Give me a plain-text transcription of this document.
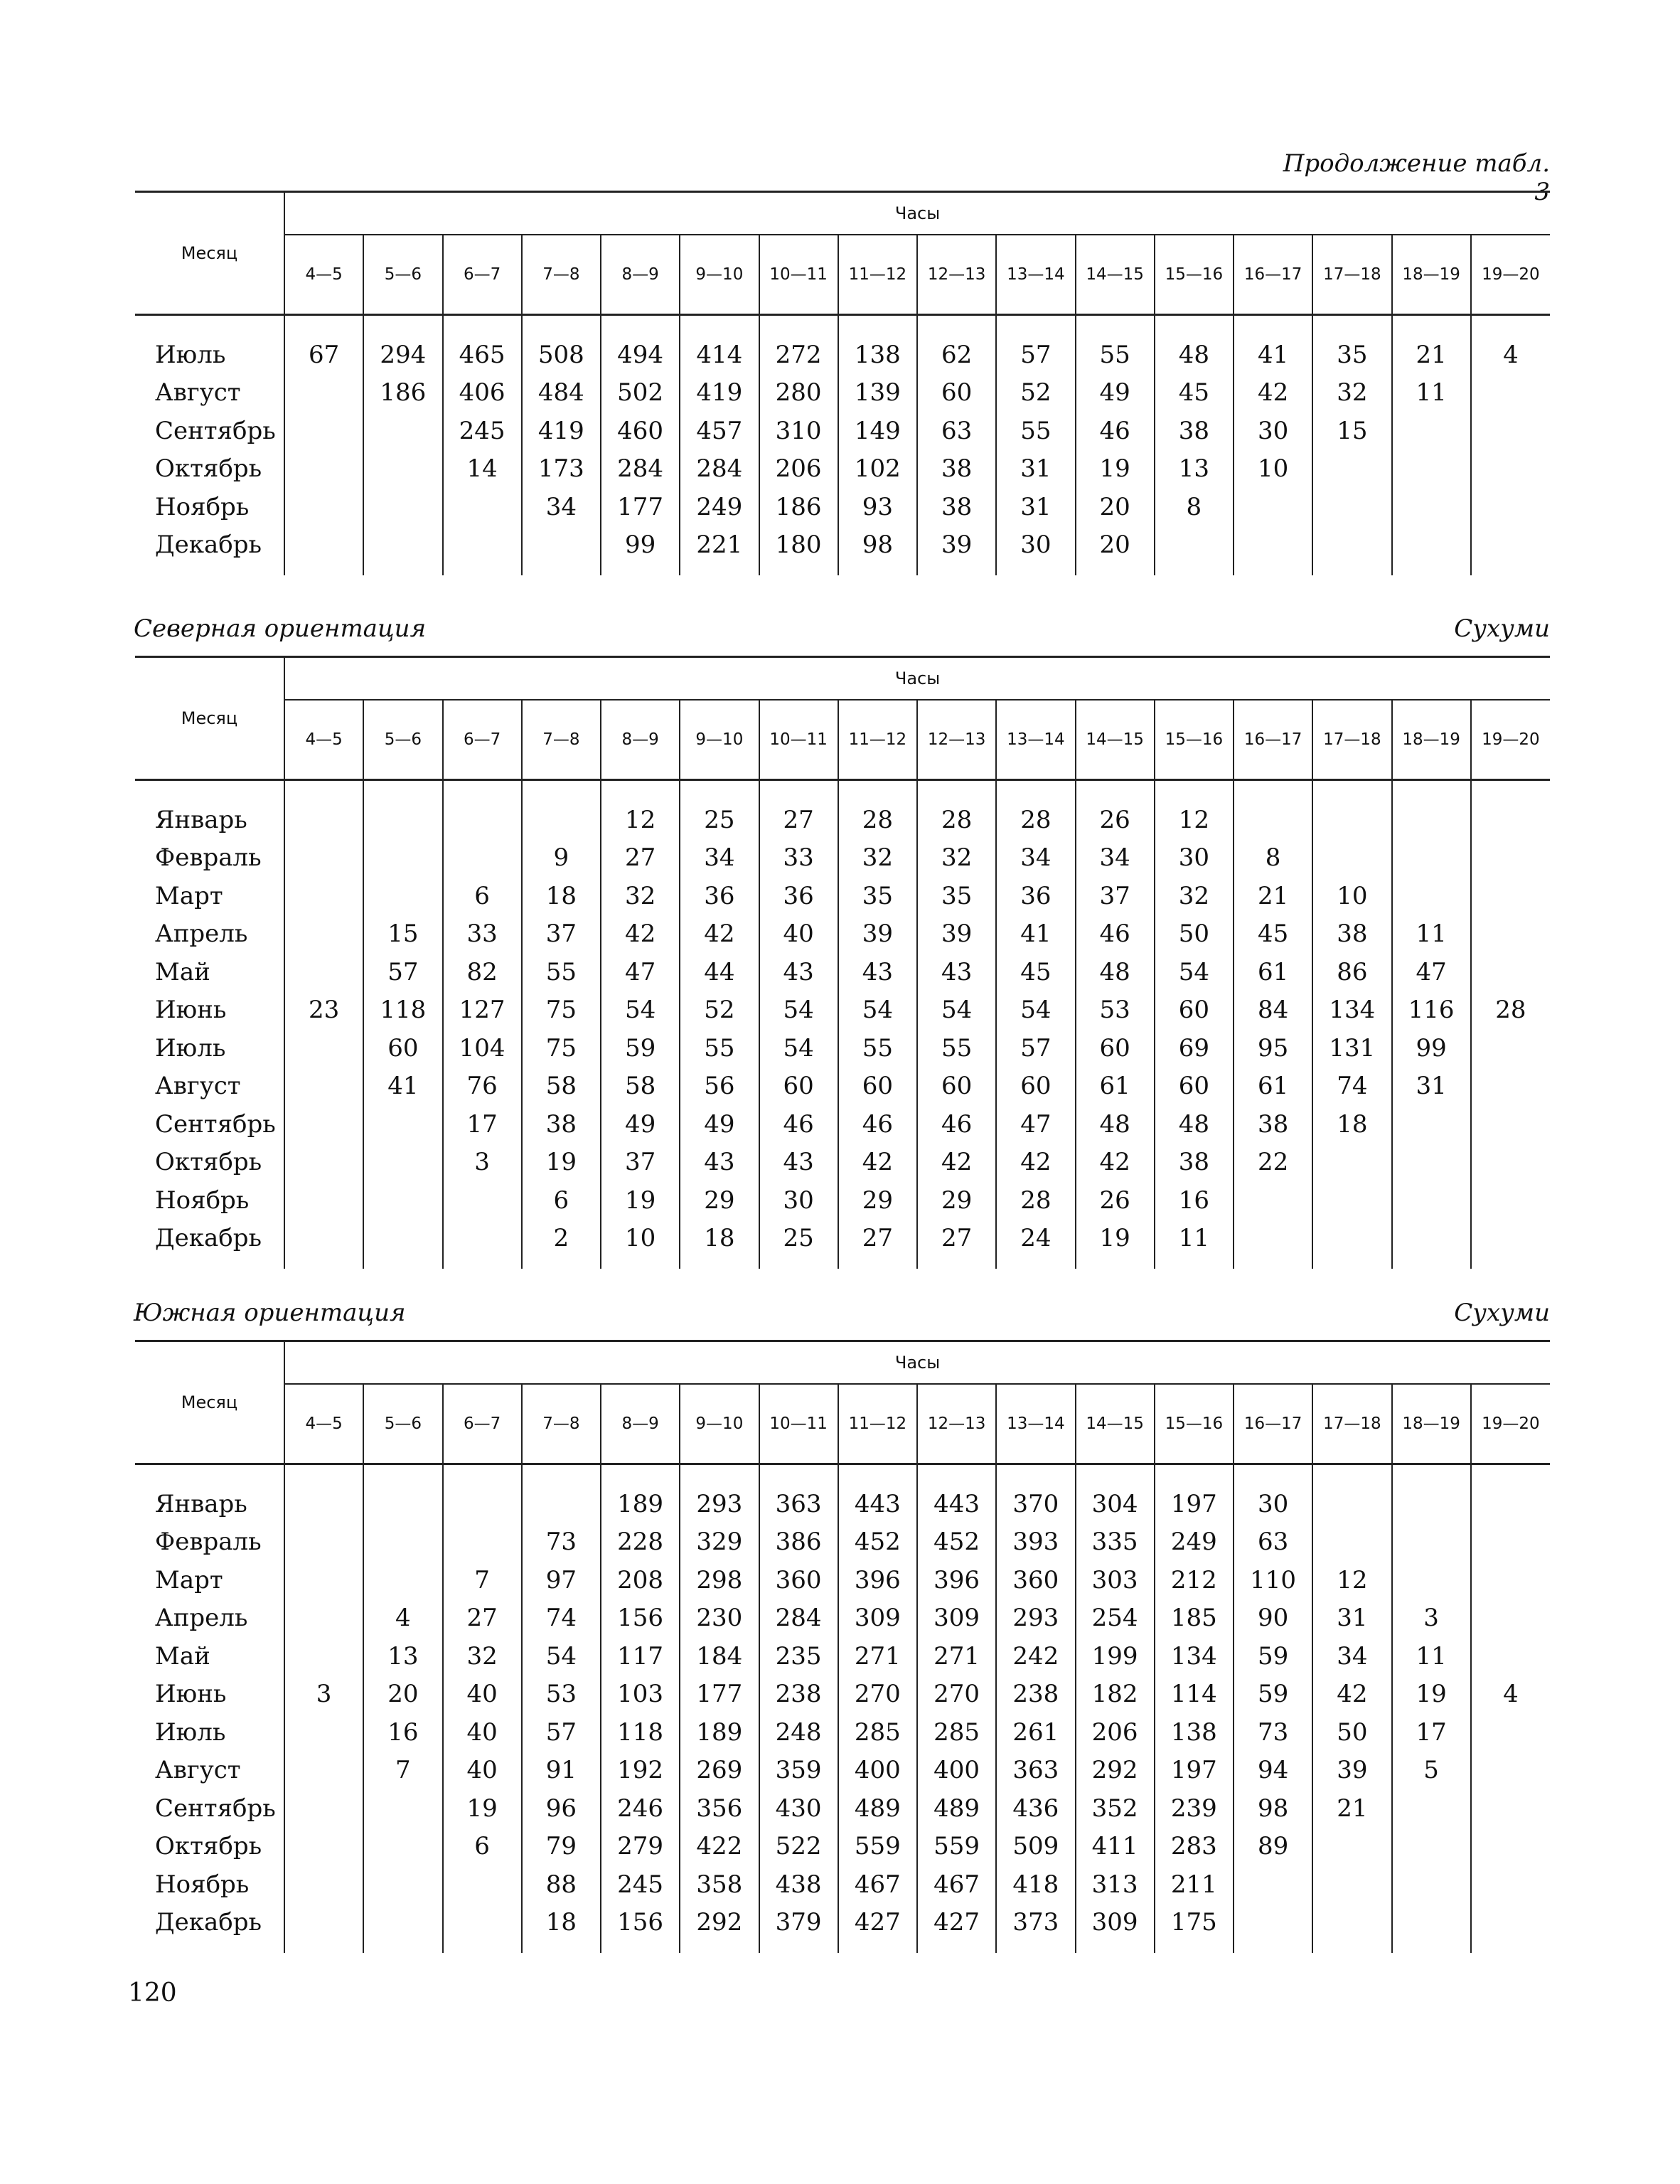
Продолжение табл.
Месяц	Часы															
	4—5	5—6	6—7	7—8	8—9	9—10	10—11	11—12	12—13	13—14	14—15	15—16	16—17	17—18	18—19	19—20

Июль	67	294	465	508	494	414	272	138	62	57	55	48	41	35	21	4
Август		186	406	484	502	419	280	139	60	52	49	45	42	32	11	
Сентябрь			245	419	460	457	310	149	63	55	46	38	30	15		
Октябрь			14	173	284	284	206	102	38	31	19	13	10			
Ноябрь				34	177	249	186	93	38	31	20	8				
Декабрь					99	221	180	98	39	30	20					

Северная ориентация	Сухуми
Месяц	Часы															
	4—5	5—6	6—7	7—8	8—9	9—10	10—11	11—12	12—13	13—14	14—15	15—16	16—17	17—18	18—19	19—20

Январь					12	25	27	28	28	28	26	12				
Февраль				9	27	34	33	32	32	34	34	30	8			
Март			6	18	32	36	36	35	35	36	37	32	21	10		
Апрель		15	33	37	42	42	40	39	39	41	46	50	45	38	11	
Май		57	82	55	47	44	43	43	43	45	48	54	61	86	47	
Июнь	23	118	127	75	54	52	54	54	54	54	53	60	84	134	116	28
Июль		60	104	75	59	55	54	55	55	57	60	69	95	131	99	
Август		41	76	58	58	56	60	60	60	60	61	60	61	74	31	
Сентябрь			17	38	49	49	46	46	46	47	48	48	38	18		
Октябрь			3	19	37	43	43	42	42	42	42	38	22			
Ноябрь				6	19	29	30	29	29	28	26	16				
Декабрь				2	10	18	25	27	27	24	19	11				

Южная ориентация	Сухуми
Месяц	Часы															
	4—5	5—6	6—7	7—8	8—9	9—10	10—11	11—12	12—13	13—14	14—15	15—16	16—17	17—18	18—19	19—20

Январь					189	293	363	443	443	370	304	197	30			
Февраль				73	228	329	386	452	452	393	335	249	63			
Март			7	97	208	298	360	396	396	360	303	212	110	12		
Апрель		4	27	74	156	230	284	309	309	293	254	185	90	31	3	
Май		13	32	54	117	184	235	271	271	242	199	134	59	34	11	
Июнь	3	20	40	53	103	177	238	270	270	238	182	114	59	42	19	4
Июль		16	40	57	118	189	248	285	285	261	206	138	73	50	17	
Август		7	40	91	192	269	359	400	400	363	292	197	94	39	5	
Сентябрь			19	96	246	356	430	489	489	436	352	239	98	21		
Октябрь			6	79	279	422	522	559	559	509	411	283	89			
Ноябрь				88	245	358	438	467	467	418	313	211				
Декабрь				18	156	292	379	427	427	373	309	175				

120
